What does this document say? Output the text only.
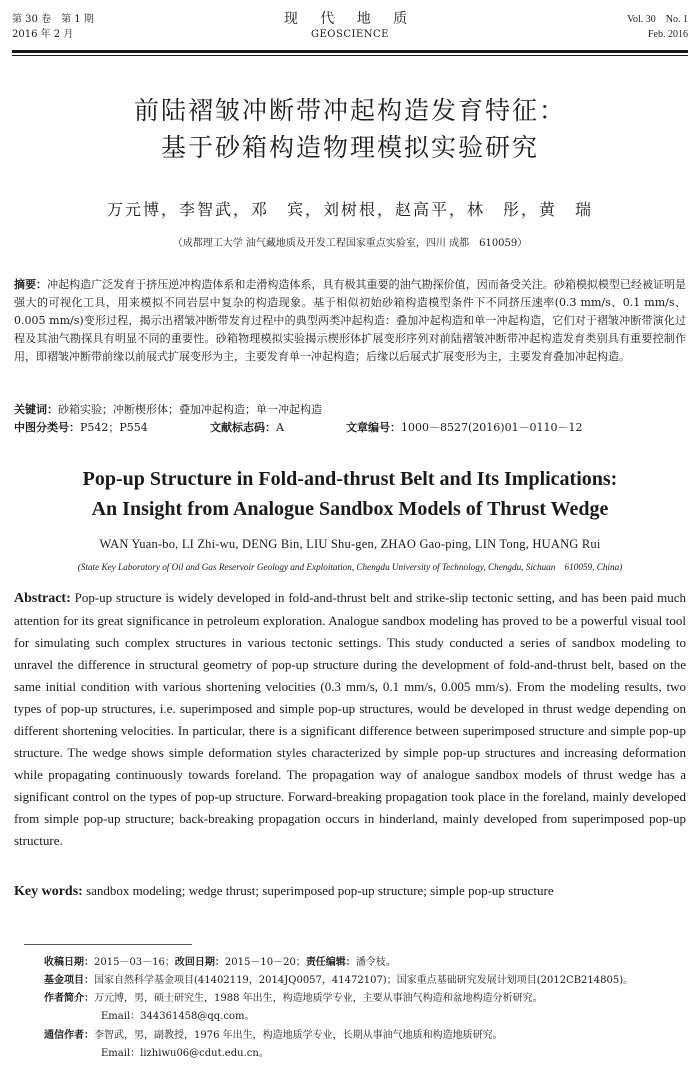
第 30 卷　第 1 期
2016 年 2 月
现 代 地 质
GEOSCIENCE
Vol. 30　No. 1
Feb. 2016
前陆褶皱冲断带冲起构造发育特征：
基于砂箱构造物理模拟实验研究
万元博，李智武，邓　宾，刘树根，赵高平，林　彤，黄　瑞
（成都理工大学 油气藏地质及开发工程国家重点实验室，四川 成都　610059）
摘要：冲起构造广泛发育于挤压逆冲构造体系和走滑构造体系，具有极其重要的油气勘探价值，因而备受关注。砂箱模拟模型已经被证明是强大的可视化工具，用来模拟不同岩层中复杂的构造现象。基于相似初始砂箱构造模型条件下不同挤压速率(0.3 mm/s、0.1 mm/s、0.005 mm/s)变形过程，揭示出褶皱冲断带发育过程中的典型两类冲起构造：叠加冲起构造和单一冲起构造，它们对于褶皱冲断带演化过程及其油气勘探具有明显不同的重要性。砂箱物理模拟实验揭示楔形体扩展变形序列对前陆褶皱冲断带冲起构造发育类别具有重要控制作用，即褶皱冲断带前缘以前展式扩展变形为主，主要发育单一冲起构造；后缘以后展式扩展变形为主，主要发育叠加冲起构造。
关键词：砂箱实验；冲断楔形体；叠加冲起构造；单一冲起构造
中图分类号：P542；P554	文献标志码：A	文章编号：1000－8527(2016)01－0110－12
Pop-up Structure in Fold-and-thrust Belt and Its Implications:
An Insight from Analogue Sandbox Models of Thrust Wedge
WAN Yuan-bo, LI Zhi-wu, DENG Bin, LIU Shu-gen, ZHAO Gao-ping, LIN Tong, HUANG Rui
(State Key Laboratory of Oil and Gas Reservoir Geology and Exploitation, Chengdu University of Technology, Chengdu, Sichuan　610059, China)
Abstract: Pop-up structure is widely developed in fold-and-thrust belt and strike-slip tectonic setting, and has been paid much attention for its great significance in petroleum exploration. Analogue sandbox modeling has proved to be a powerful visual tool for simulating such complex structures in various tectonic settings. This study conducted a series of sandbox modeling to unravel the difference in structural geometry of pop-up structure during the development of fold-and-thrust belt, based on the same initial condition with various shortening velocities (0.3 mm/s, 0.1 mm/s, 0.005 mm/s). From the modeling results, two types of pop-up structures, i.e. superimposed and simple pop-up structures, would be developed in thrust wedge depending on different shortening velocities. In particular, there is a significant difference between superimposed structure and simple pop-up structure. The wedge shows simple deformation styles characterized by simple pop-up structures and increasing deformation while propagating continuously towards foreland. The propagation way of analogue sandbox models of thrust wedge has a significant control on the types of pop-up structure. Forward-breaking propagation took place in the foreland, mainly developed from simple pop-up structure; back-breaking propagation occurs in hinderland, mainly developed from superimposed pop-up structure.
Key words: sandbox modeling; wedge thrust; superimposed pop-up structure; simple pop-up structure
收稿日期：2015－03－16；改回日期：2015－10－20；责任编辑：潘令枝。
基金项目：国家自然科学基金项目(41402119，2014JQ0057，41472107)；国家重点基础研究发展计划项目(2012CB214805)。
作者简介：万元博，男，硕士研究生，1988 年出生，构造地质学专业，主要从事油气构造和盆地构造分析研究。
Email：344361458@qq.com。
通信作者：李智武，男，副教授，1976 年出生，构造地质学专业，长期从事油气地质和构造地质研究。
Email：lizhiwu06@cdut.edu.cn。
